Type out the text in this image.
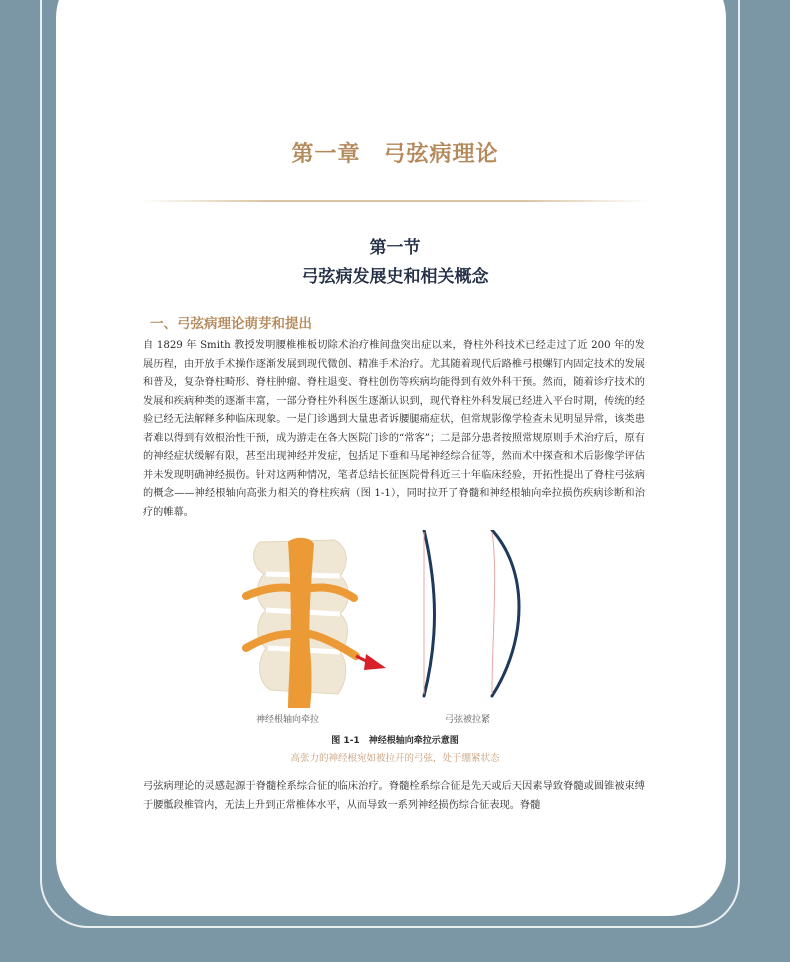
第一章　弓弦病理论
第一节
弓弦病发展史和相关概念
一、弓弦病理论萌芽和提出

自 1829 年 Smith 教授发明腰椎椎板切除术治疗椎间盘突出症以来，脊柱外科技术已经走过了近 200 年的发展历程，由开放手术操作逐渐发展到现代微创、精准手术治疗。尤其随着现代后路椎弓根螺钉内固定技术的发展和普及，复杂脊柱畸形、脊柱肿瘤、脊柱退变、脊柱创伤等疾病均能得到有效外科干预。然而，随着诊疗技术的发展和疾病种类的逐渐丰富，一部分脊柱外科医生逐渐认识到，现代脊柱外科发展已经进入平台时期，传统的经验已经无法解释多种临床现象。一是门诊遇到大量患者诉腰腿痛症状，但常规影像学检查未见明显异常，该类患者难以得到有效根治性干预，成为游走在各大医院门诊的“常客”；二是部分患者按照常规原则手术治疗后，原有的神经症状缓解有限，甚至出现神经并发症，包括足下垂和马尾神经综合征等，然而术中探查和术后影像学评估并未发现明确神经损伤。针对这两种情况，笔者总结长征医院骨科近三十年临床经验，开拓性提出了脊柱弓弦病的概念——神经根轴向高张力相关的脊柱疾病（图 1-1），同时拉开了脊髓和神经根轴向牵拉损伤疾病诊断和治疗的帷幕。

神经根轴向牵拉	弓弦被拉紧
图 1-1　神经根轴向牵拉示意图
高张力的神经根宛如被拉开的弓弦，处于绷紧状态

弓弦病理论的灵感起源于脊髓栓系综合征的临床治疗。脊髓栓系综合征是先天或后天因素导致脊髓或圆锥被束缚于腰骶段椎管内，无法上升到正常椎体水平，从而导致一系列神经损伤综合征表现。脊髓
